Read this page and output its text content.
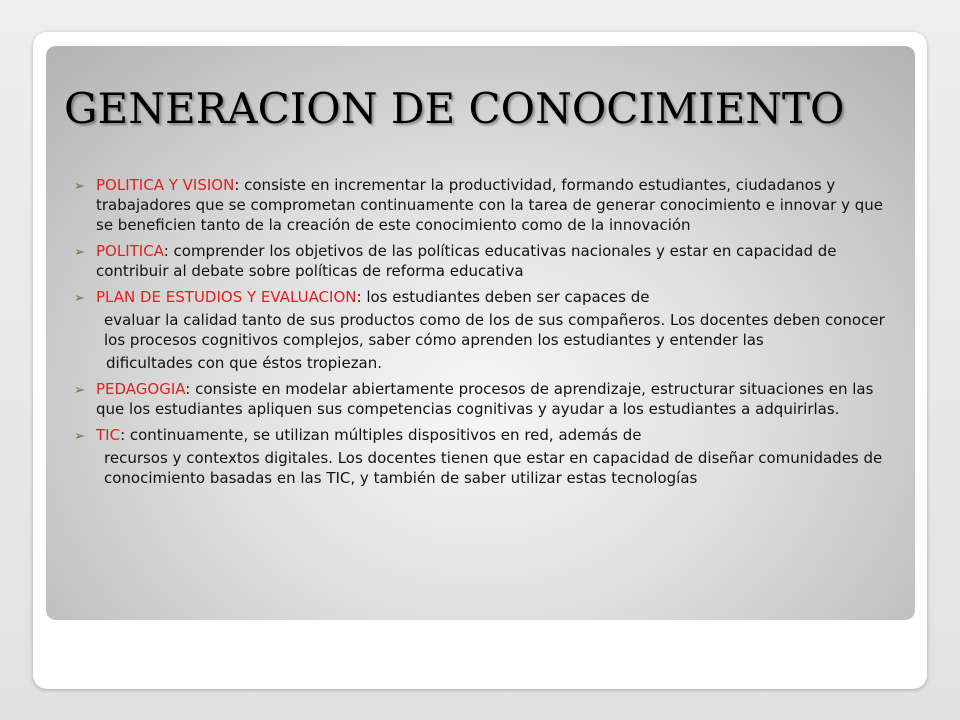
GENERACION DE CONOCIMIENTO
➢ POLITICA Y VISION: consiste en incrementar la productividad, formando estudiantes, ciudadanos y trabajadores que se comprometan continuamente con la tarea de generar conocimiento e innovar y que se beneficien tanto de la creación de este conocimiento como de la innovación
➢ POLITICA: comprender los objetivos de las políticas educativas nacionales y estar en capacidad de contribuir al debate sobre políticas de reforma educativa
➢ PLAN DE ESTUDIOS Y EVALUACION: los estudiantes deben ser capaces de
evaluar la calidad tanto de sus productos como de los de sus compañeros. Los docentes deben conocer los procesos cognitivos complejos, saber cómo aprenden los estudiantes y entender las
dificultades con que éstos tropiezan.
➢ PEDAGOGIA: consiste en modelar abiertamente procesos de aprendizaje, estructurar situaciones en las que los estudiantes apliquen sus competencias cognitivas y ayudar a los estudiantes a adquirirlas.
➢ TIC: continuamente, se utilizan múltiples dispositivos en red, además de
recursos y contextos digitales. Los docentes tienen que estar en capacidad de diseñar comunidades de conocimiento basadas en las TIC, y también de saber utilizar estas tecnologías
